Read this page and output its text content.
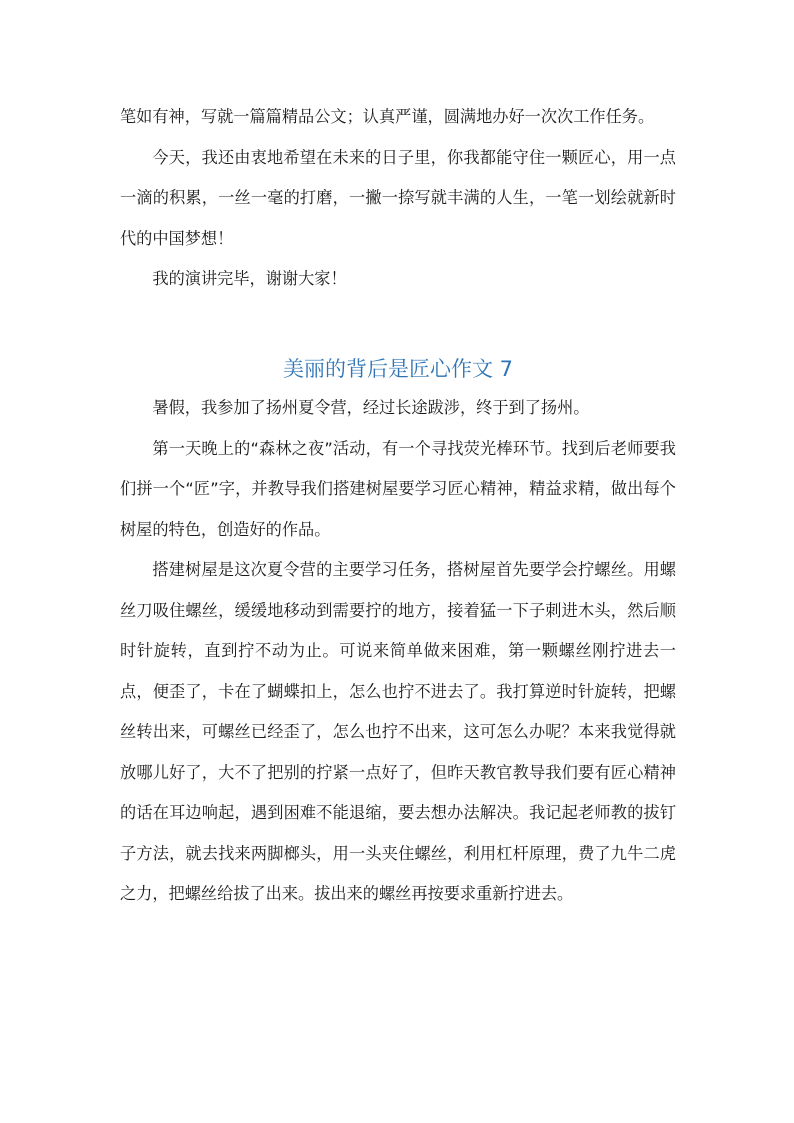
笔如有神，写就一篇篇精品公文；认真严谨，圆满地办好一次次工作任务。

今天，我还由衷地希望在未来的日子里，你我都能守住一颗匠心，用一点一滴的积累，一丝一毫的打磨，一撇一捺写就丰满的人生，一笔一划绘就新时代的中国梦想！

我的演讲完毕，谢谢大家！

美丽的背后是匠心作文 7

暑假，我参加了扬州夏令营，经过长途跋涉，终于到了扬州。

第一天晚上的“森林之夜”活动，有一个寻找荧光棒环节。找到后老师要我们拼一个“匠”字，并教导我们搭建树屋要学习匠心精神，精益求精，做出每个树屋的特色，创造好的作品。

搭建树屋是这次夏令营的主要学习任务，搭树屋首先要学会拧螺丝。用螺丝刀吸住螺丝，缓缓地移动到需要拧的地方，接着猛一下子刺进木头，然后顺时针旋转，直到拧不动为止。可说来简单做来困难，第一颗螺丝刚拧进去一点，便歪了，卡在了蝴蝶扣上，怎么也拧不进去了。我打算逆时针旋转，把螺丝转出来，可螺丝已经歪了，怎么也拧不出来，这可怎么办呢？本来我觉得就放哪儿好了，大不了把别的拧紧一点好了，但昨天教官教导我们要有匠心精神的话在耳边响起，遇到困难不能退缩，要去想办法解决。我记起老师教的拔钉子方法，就去找来两脚榔头，用一头夹住螺丝，利用杠杆原理，费了九牛二虎之力，把螺丝给拔了出来。拔出来的螺丝再按要求重新拧进去。
